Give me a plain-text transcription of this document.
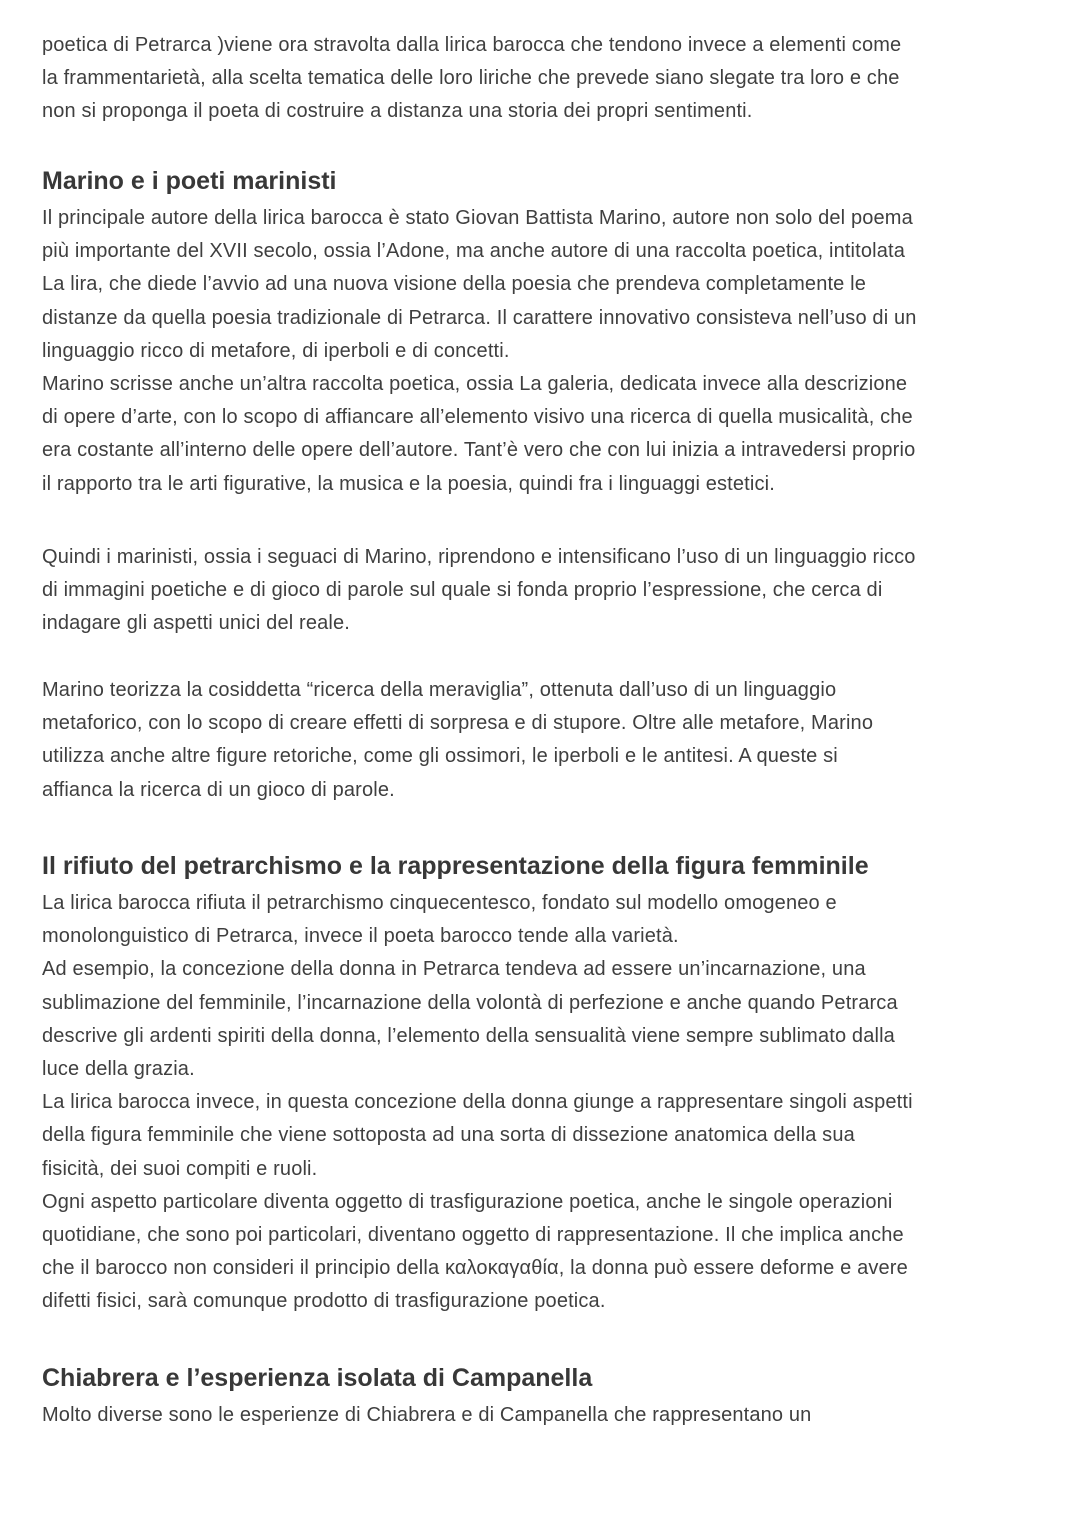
poetica di Petrarca )viene ora stravolta dalla lirica barocca che tendono invece a elementi come
la frammentarietà, alla scelta tematica delle loro liriche che prevede siano slegate tra loro e che
non si proponga il poeta di costruire a distanza una storia dei propri sentimenti.
Marino e i poeti marinisti
Il principale autore della lirica barocca è stato Giovan Battista Marino, autore non solo del poema
più importante del XVII secolo, ossia l’Adone, ma anche autore di una raccolta poetica, intitolata
La lira, che diede l’avvio ad una nuova visione della poesia che prendeva completamente le
distanze da quella poesia tradizionale di Petrarca. Il carattere innovativo consisteva nell’uso di un
linguaggio ricco di metafore, di iperboli e di concetti.
Marino scrisse anche un’altra raccolta poetica, ossia La galeria, dedicata invece alla descrizione
di opere d’arte, con lo scopo di affiancare all’elemento visivo una ricerca di quella musicalità, che
era costante all’interno delle opere dell’autore. Tant’è vero che con lui inizia a intravedersi proprio
il rapporto tra le arti figurative, la musica e la poesia, quindi fra i linguaggi estetici.
Quindi i marinisti, ossia i seguaci di Marino, riprendono e intensificano l’uso di un linguaggio ricco
di immagini poetiche e di gioco di parole sul quale si fonda proprio l’espressione, che cerca di
indagare gli aspetti unici del reale.
Marino teorizza la cosiddetta “ricerca della meraviglia”, ottenuta dall’uso di un linguaggio
metaforico, con lo scopo di creare effetti di sorpresa e di stupore. Oltre alle metafore, Marino
utilizza anche altre figure retoriche, come gli ossimori, le iperboli e le antitesi. A queste si
affianca la ricerca di un gioco di parole.
Il rifiuto del petrarchismo e la rappresentazione della figura femminile
La lirica barocca rifiuta il petrarchismo cinquecentesco, fondato sul modello omogeneo e
monolonguistico di Petrarca, invece il poeta barocco tende alla varietà.
Ad esempio, la concezione della donna in Petrarca tendeva ad essere un’incarnazione, una
sublimazione del femminile, l’incarnazione della volontà di perfezione e anche quando Petrarca
descrive gli ardenti spiriti della donna, l’elemento della sensualità viene sempre sublimato dalla
luce della grazia.
La lirica barocca invece, in questa concezione della donna giunge a rappresentare singoli aspetti
della figura femminile che viene sottoposta ad una sorta di dissezione anatomica della sua
fisicità, dei suoi compiti e ruoli.
Ogni aspetto particolare diventa oggetto di trasfigurazione poetica, anche le singole operazioni
quotidiane, che sono poi particolari, diventano oggetto di rappresentazione. Il che implica anche
che il barocco non consideri il principio della καλοκαγαθία, la donna può essere deforme e avere
difetti fisici, sarà comunque prodotto di trasfigurazione poetica.
Chiabrera e l’esperienza isolata di Campanella
Molto diverse sono le esperienze di Chiabrera e di Campanella che rappresentano un
